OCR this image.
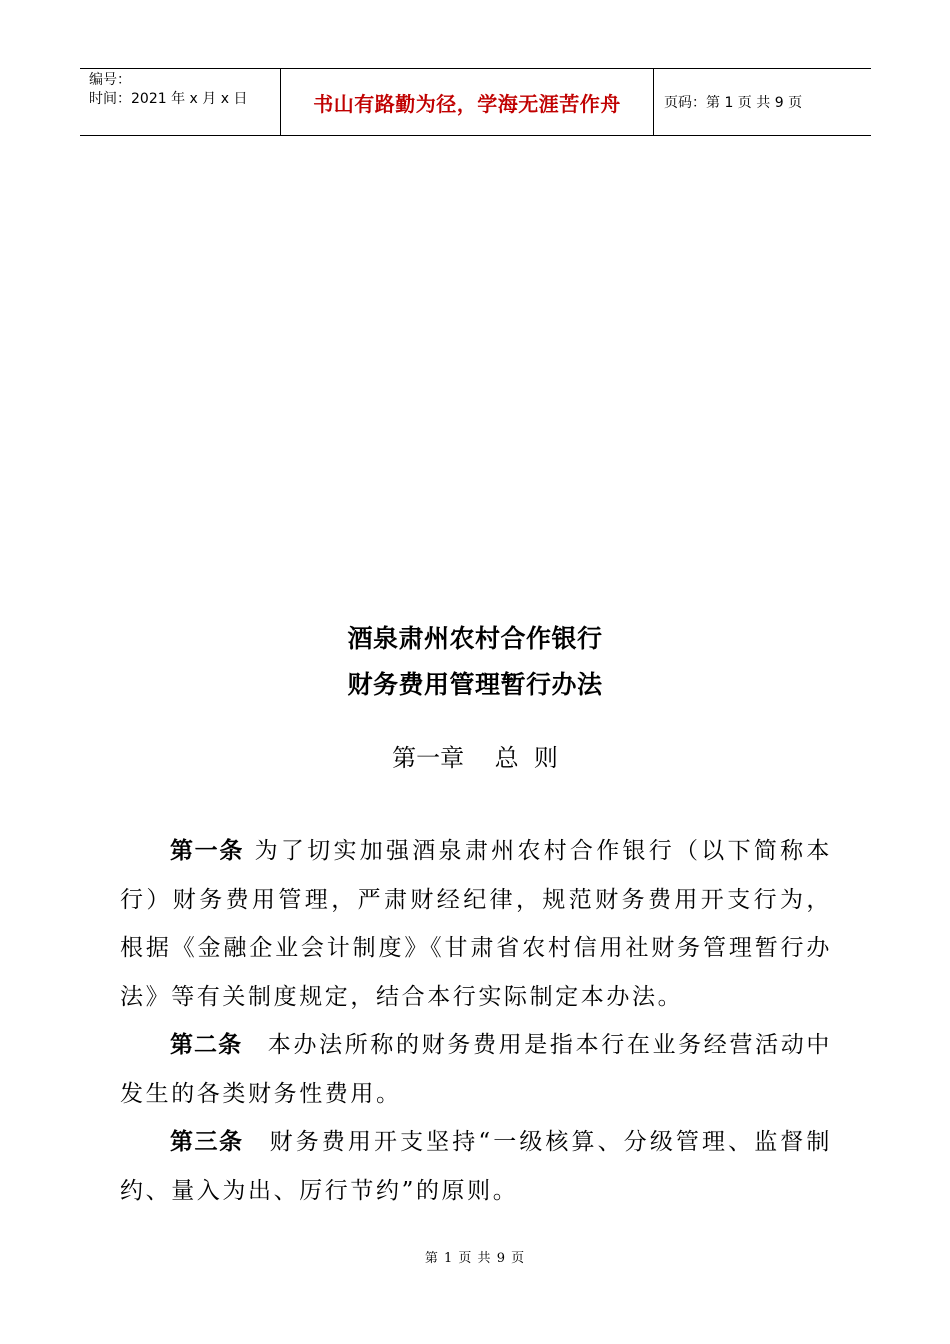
编号：
时间：2021 年 x 月 x 日	书山有路勤为径，学海无涯苦作舟	页码：第 1 页 共 9 页
酒泉肃州农村合作银行
财务费用管理暂行办法
第一章    总  则

第一条 为了切实加强酒泉肃州农村合作银行（以下简称本行）财务费用管理，严肃财经纪律，规范财务费用开支行为，根据《金融企业会计制度》《甘肃省农村信用社财务管理暂行办法》等有关制度规定，结合本行实际制定本办法。

第二条　本办法所称的财务费用是指本行在业务经营活动中发生的各类财务性费用。

第三条　财务费用开支坚持“一级核算、分级管理、监督制约、量入为出、厉行节约”的原则。

第 1 页 共 9 页
